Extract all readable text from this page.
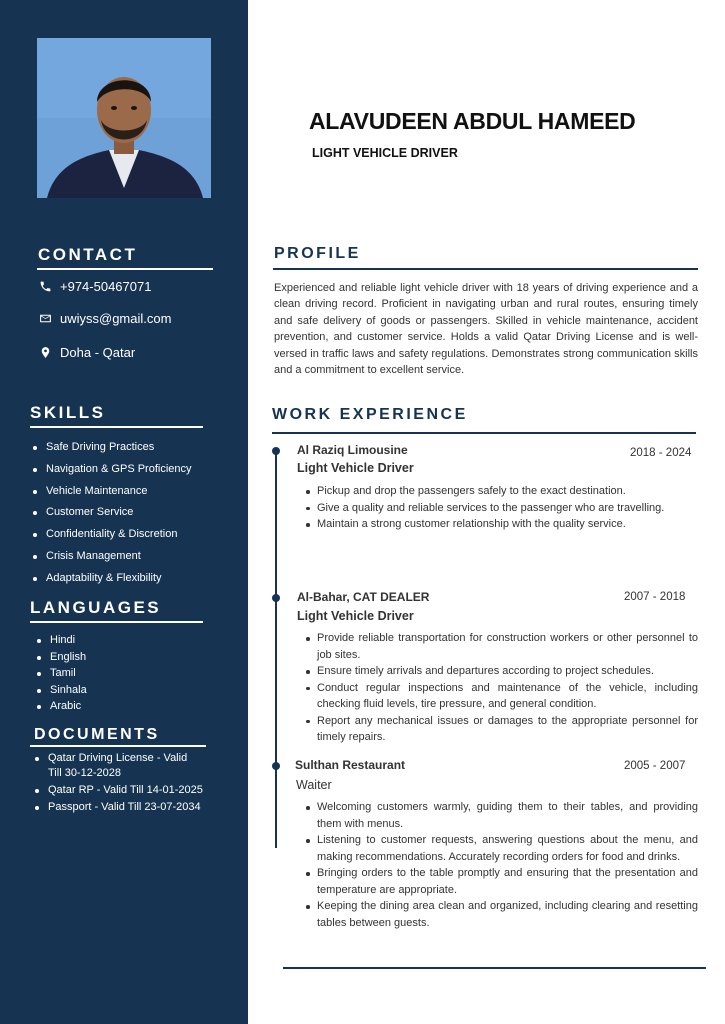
CONTACT
+974-50467071
uwiyss@gmail.com
Doha - Qatar
SKILLS
Safe Driving Practices
Navigation & GPS Proficiency
Vehicle Maintenance
Customer Service
Confidentiality & Discretion
Crisis Management
Adaptability & Flexibility
LANGUAGES
Hindi
English
Tamil
Sinhala
Arabic
DOCUMENTS
Qatar Driving License - Valid Till 30-12-2028
Qatar RP - Valid Till 14-01-2025
Passport - Valid Till 23-07-2034
ALAVUDEEN ABDUL HAMEED
LIGHT VEHICLE DRIVER
PROFILE
Experienced and reliable light vehicle driver with 18 years of driving experience and a clean driving record. Proficient in navigating urban and rural routes, ensuring timely and safe delivery of goods or passengers. Skilled in vehicle maintenance, accident prevention, and customer service. Holds a valid Qatar Driving License and is well-versed in traffic laws and safety regulations. Demonstrates strong communication skills and a commitment to excellent service.
WORK EXPERIENCE
Al Raziq Limousine	2018 - 2024
Light Vehicle Driver
Pickup and drop the passengers safely to the exact destination.
Give a quality and reliable services to the passenger who are travelling.
Maintain a strong customer relationship with the quality service.
Al-Bahar, CAT DEALER	2007 - 2018
Light Vehicle Driver
Provide reliable transportation for construction workers or other personnel to job sites.
Ensure timely arrivals and departures according to project schedules.
Conduct regular inspections and maintenance of the vehicle, including checking fluid levels, tire pressure, and general condition.
Report any mechanical issues or damages to the appropriate personnel for timely repairs.
Sulthan Restaurant	2005 - 2007
Waiter
Welcoming customers warmly, guiding them to their tables, and providing them with menus.
Listening to customer requests, answering questions about the menu, and making recommendations. Accurately recording orders for food and drinks.
Bringing orders to the table promptly and ensuring that the presentation and temperature are appropriate.
Keeping the dining area clean and organized, including clearing and resetting tables between guests.
